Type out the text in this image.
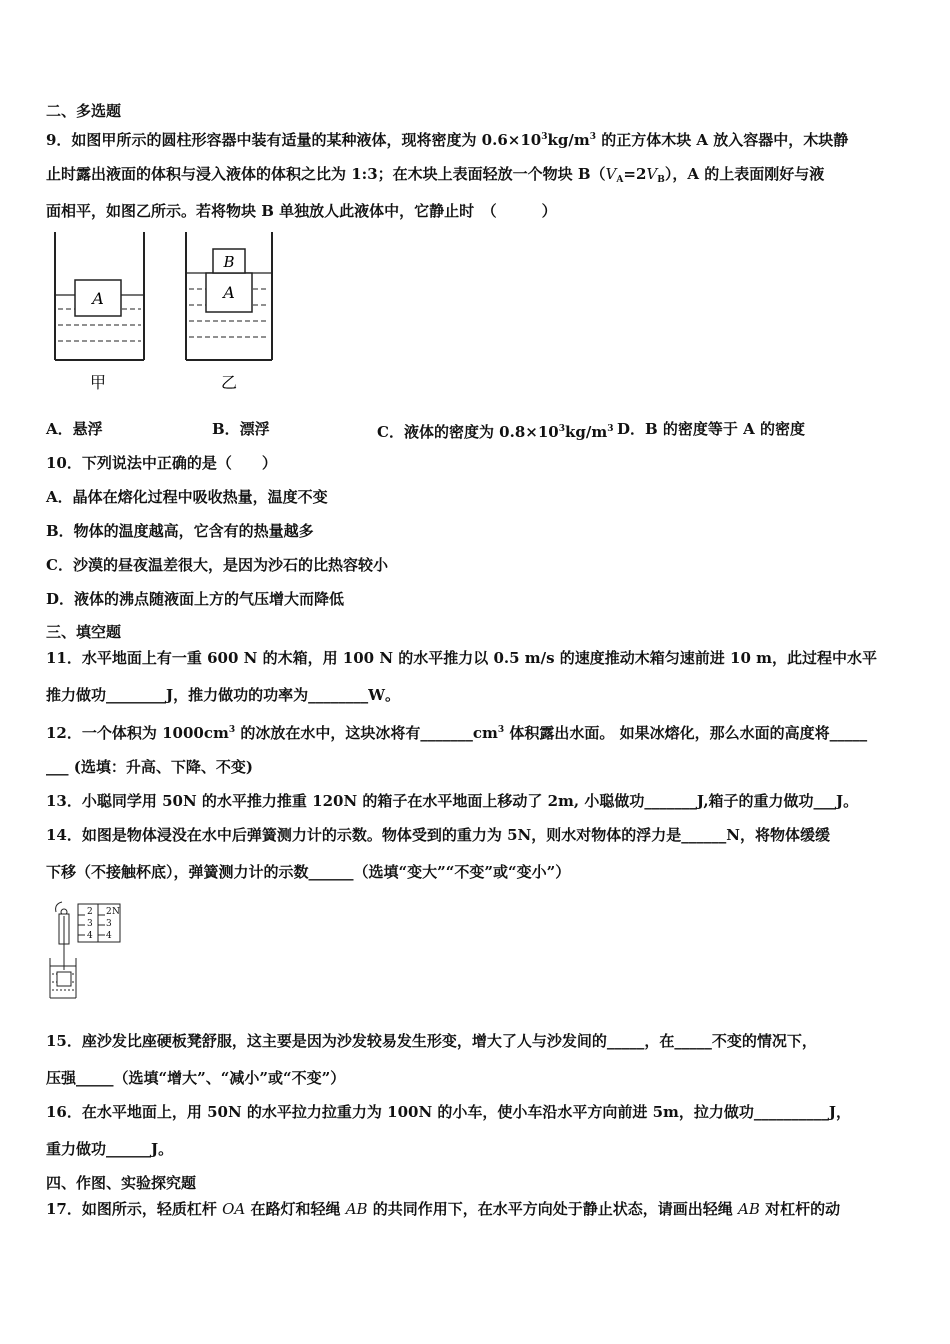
二、多选题
9．如图甲所示的圆柱形容器中装有适量的某种液体，现将密度为 $0.6\times 10^3kg/m^3$ 的正方体木块 A 放入容器中，木块静
止时露出液面的体积与浸入液体的体积之比为 1:3；在木块上表面轻放一个物块 $B(V_A=2V_B)$，A 的上表面刚好与液
面相平，如图乙所示。若将物块 B 单独放人此液体中，它静止时　（　　　）
A	A
B
甲	乙
A．悬浮	B．漂浮	C．液体的密度为 $0.8\times 10^3kg/m^3$ D．B 的密度等于 A 的密度
10．下列说法中正确的是（　　）
A．晶体在熔化过程中吸收热量，温度不变
B．物体的温度越高，它含有的热量越多
C．沙漠的昼夜温差很大，是因为沙石的比热容较小
D．液体的沸点随液面上方的气压增大而降低
三、填空题
11．水平地面上有一重 600 N 的木箱，用 100 N 的水平推力以 0.5 m/s 的速度推动木箱匀速前进 10 m，此过程中水平
推力做功________J，推力做功的功率为________W。
12．一个体积为 $1000cm^3$ 的冰放在水中，这块冰将有$\_\_\_\_\_\_\_cm^3$ 体积露出水面。 如果冰熔化，那么水面的高度将_____
___ (选填：升高、下降、不变)
13．小聪同学用 50N 的水平推力推重 120N 的箱子在水平地面上移动了 2m, 小聪做功_______J,箱子的重力做功___J。
14．如图是物体浸没在水中后弹簧测力计的示数。物体受到的重力为 5N，则水对物体的浮力是______N，将物体缓缓
下移（不接触杯底），弹簧测力计的示数______（选填“变大”“不变”或“变小”）
2
3
4
2
3
4
N
15．座沙发比座硬板凳舒服，这主要是因为沙发较易发生形变，增大了人与沙发间的_____，在_____不变的情况下，
压强_____（选填“增大”、“减小”或“不变”）
16．在水平地面上，用 50N 的水平拉力拉重力为 100N 的小车，使小车沿水平方向前进 5m，拉力做功__________J，
重力做功______J。
四、作图、实验探究题
17．如图所示，轻质杠杆 OA 在路灯和轻绳 AB 的共同作用下，在水平方向处于静止状态，请画出轻绳 AB 对杠杆的动
